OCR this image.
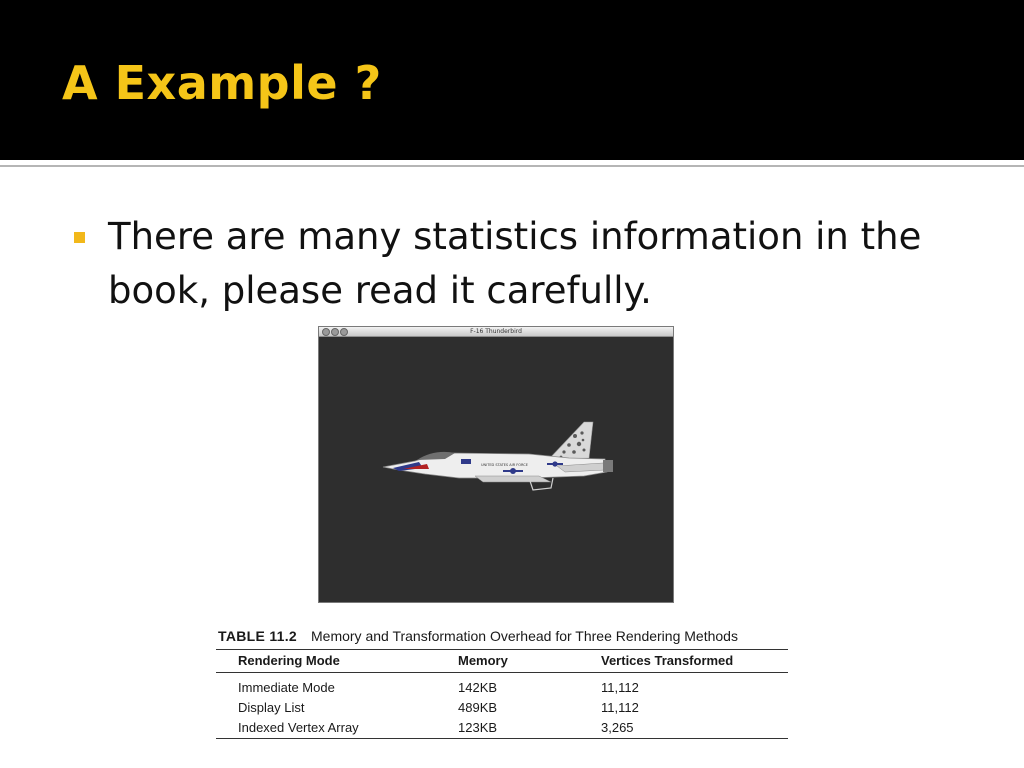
A Example ?

There are many statistics information in the book, please read it carefully.

F-16 Thunderbird
UNITED STATES AIR FORCE
TABLE 11.2 Memory and Transformation Overhead for Three Rendering Methods
Rendering Mode	Memory	Vertices Transformed
Immediate Mode	142KB	11,112
Display List	489KB	11,112
Indexed Vertex Array	123KB	3,265
